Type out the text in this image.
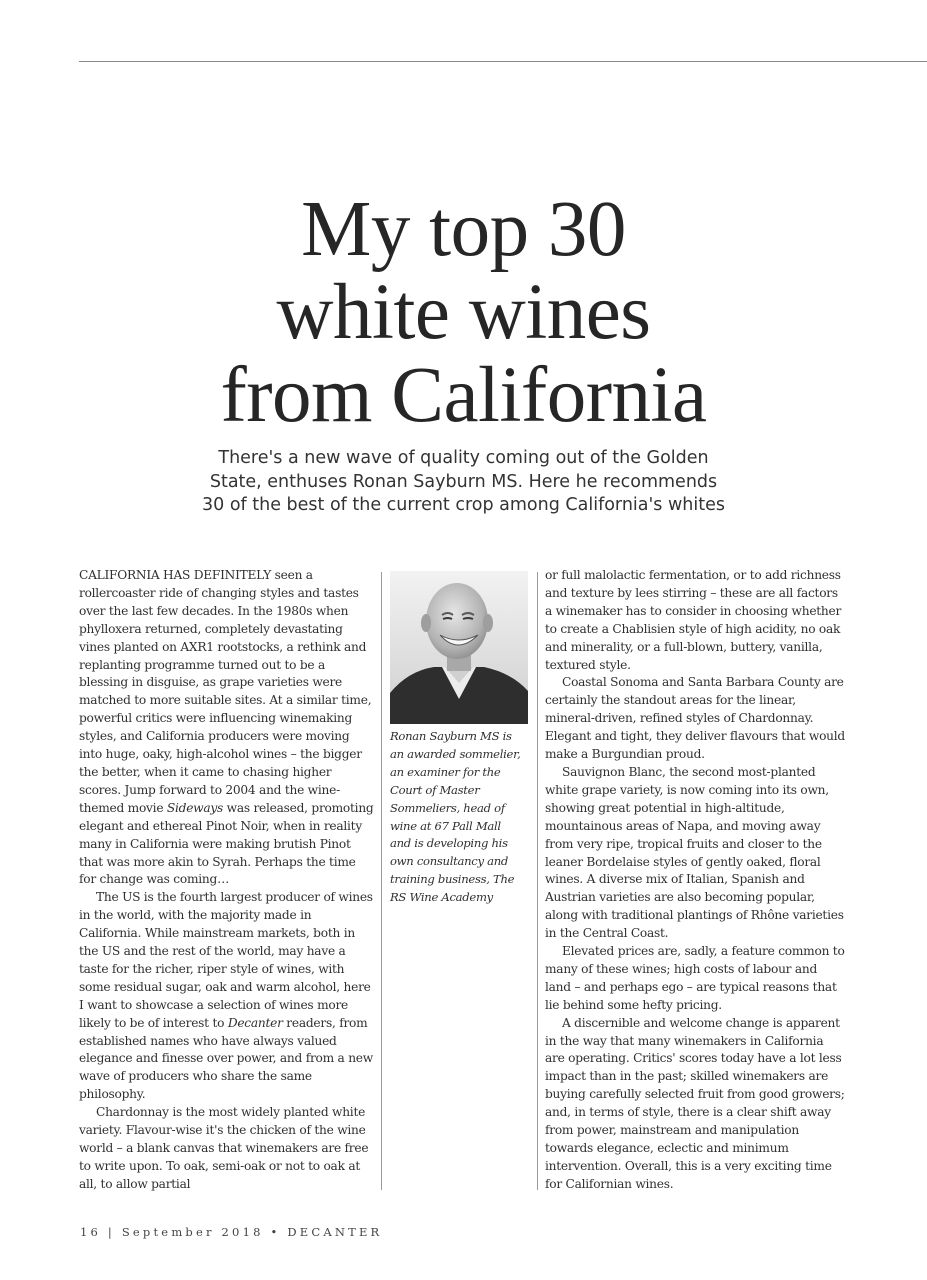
My top 30
white wines
from California

There's a new wave of quality coming out of the Golden
State, enthuses Ronan Sayburn MS. Here he recommends
30 of the best of the current crop among California's whites

CALIFORNIA HAS DEFINITELY seen a rollercoaster ride of changing styles and tastes over the last few decades. In the 1980s when phylloxera returned, completely devastating vines planted on AXR1 rootstocks, a rethink and replanting programme turned out to be a blessing in disguise, as grape varieties were matched to more suitable sites. At a similar time, powerful critics were influencing winemaking styles, and California producers were moving into huge, oaky, high-alcohol wines – the bigger the better, when it came to chasing higher scores. Jump forward to 2004 and the wine-themed movie Sideways was released, promoting elegant and ethereal Pinot Noir, when in reality many in California were making brutish Pinot that was more akin to Syrah. Perhaps the time for change was coming…

The US is the fourth largest producer of wines in the world, with the majority made in California. While mainstream markets, both in the US and the rest of the world, may have a taste for the richer, riper style of wines, with some residual sugar, oak and warm alcohol, here I want to showcase a selection of wines more likely to be of interest to Decanter readers, from established names who have always valued elegance and finesse over power, and from a new wave of producers who share the same philosophy.

Chardonnay is the most widely planted white variety. Flavour-wise it's the chicken of the wine world – a blank canvas that winemakers are free to write upon. To oak, semi-oak or not to oak at all, to allow partial

Ronan Sayburn MS is
an awarded sommelier,
an examiner for the
Court of Master
Sommeliers, head of
wine at 67 Pall Mall
and is developing his
own consultancy and
training business, The
RS Wine Academy

or full malolactic fermentation, or to add richness and texture by lees stirring – these are all factors a winemaker has to consider in choosing whether to create a Chablisien style of high acidity, no oak and minerality, or a full-blown, buttery, vanilla, textured style.

Coastal Sonoma and Santa Barbara County are certainly the standout areas for the linear, mineral-driven, refined styles of Chardonnay. Elegant and tight, they deliver flavours that would make a Burgundian proud.

Sauvignon Blanc, the second most-planted white grape variety, is now coming into its own, showing great potential in high-altitude, mountainous areas of Napa, and moving away from very ripe, tropical fruits and closer to the leaner Bordelaise styles of gently oaked, floral wines. A diverse mix of Italian, Spanish and Austrian varieties are also becoming popular, along with traditional plantings of Rhône varieties in the Central Coast.

Elevated prices are, sadly, a feature common to many of these wines; high costs of labour and land – and perhaps ego – are typical reasons that lie behind some hefty pricing.

A discernible and welcome change is apparent in the way that many winemakers in California are operating. Critics' scores today have a lot less impact than in the past; skilled winemakers are buying carefully selected fruit from good growers; and, in terms of style, there is a clear shift away from power, mainstream and manipulation towards elegance, eclectic and minimum intervention. Overall, this is a very exciting time for Californian wines.

16 | September 2018 • DECANTER
